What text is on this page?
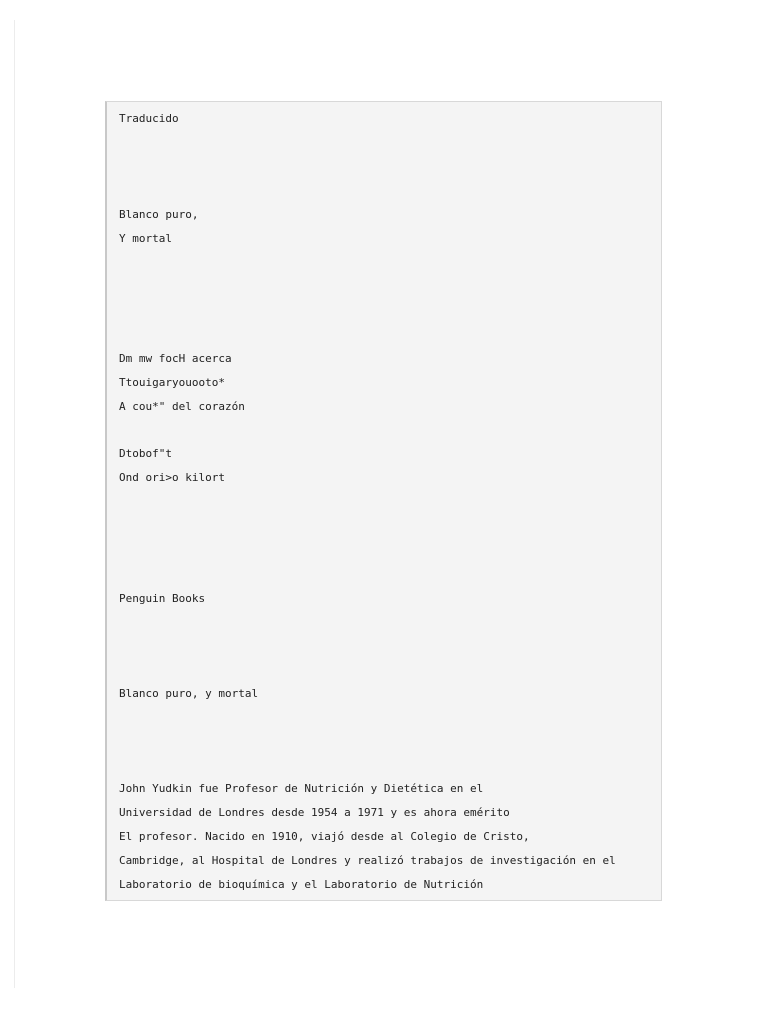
Traducido
Blanco puro,
Y mortal
Dm mw focH acerca
Ttouigaryouooto*
A cou*" del corazón
Dtobof"t
Ond ori>o kilort
Penguin Books
Blanco puro, y mortal
John Yudkin fue Profesor de Nutrición y Dietética en el
Universidad de Londres desde 1954 a 1971 y es ahora emérito
El profesor. Nacido en 1910, viajó desde al Colegio de Cristo,
Cambridge, al Hospital de Londres y realizó trabajos de investigación en el
Laboratorio de bioquímica y el Laboratorio de Nutrición
